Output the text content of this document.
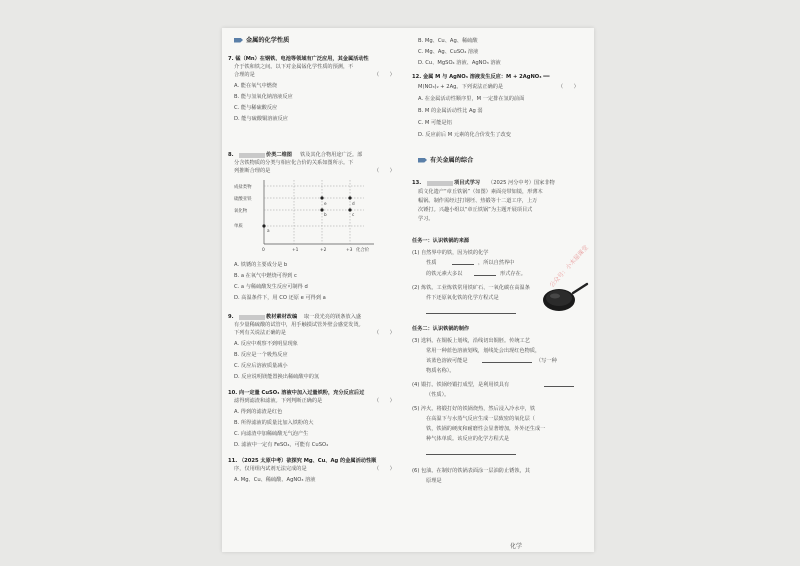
金属的化学性质
7. 锰（Mn）在钢铁、电池等领域有广泛应用，其金属活动性
介于铁和铁之间。以下对金属锰化学性质的预测，不
合理的是	（　　）
A. 能在氧气中燃烧
B. 能与氢氧化钠溶液反应
C. 能与稀硫酸反应
D. 能与硫酸铜溶液反应
8.	价类二维图 铁及其化合物用途广泛。部
分含铁物质的分类与相应化合价的关系如图所示。下
列推断合理的是	（　　）
成盐类物
硫酸亚铁
氧化物
单质
0	+1	+2	+3 化合价
a
b	c
d
e
A. 铁锈的主要成分是 b
B. a 在氧气中燃烧可得到 c
C. a 与稀硫酸发生反应可制得 d
D. 高温条件下，用 CO 还原 e 可得到 a
9.	教材素材改编 取一段光亮的镁条放入盛
有少量稀硫酸的试管中，用手触摸试管外壁会感觉发烫。
下列有关说法正确的是	（　　）
A. 反应中观察不到明显现象
B. 反应是一个吸热反应
C. 反应后溶液质量减小
D. 反应说明镁能置换出稀硫酸中的氢
10. 向一定量 CuSO₄ 溶液中加入过量铁粉，充分反应后过
滤得到滤渣和滤液。下列判断正确的是	（　　）
A. 得到的滤渣是红色
B. 所得滤液的质量比加入铁粉的大
C. 向滤渣中加稀硫酸无气泡产生
D. 滤液中一定有 FeSO₄，可能有 CuSO₄
11. （2025 太原中考）欲探究 Mg、Cu、Ag 的金属活动性顺
序，仅用组内试剂无法完成的是	（　　）
A. Mg、Cu、稀硫酸、AgNO₃ 溶液
B. Mg、Cu、Ag、稀硫酸
C. Mg、Ag、CuSO₄ 溶液
D. Cu、MgSO₄ 溶液、AgNO₃ 溶液
12. 金属 M 与 AgNO₃ 溶液发生反应：M + 2AgNO₃ ══
M(NO₃)₂ + 2Ag。下列说法正确的是	（　　）
A. 在金属活动性顺序里，M 一定排在氢的前面
B. M 的金属活动性比 Ag 弱
C. M 可能是铝
D. 反应前后 M 元素的化合价发生了改变
有关金属的综合
13.	项目式学习 （2025 河分中考）国家非物
质文化遗产“章丘铁锅”（如图）素面亮带如镜，形薄木
幅锅。制作需经过打钢坯、热锻等十二道工序，上万
次锤打。兴趣小组以“章丘铁锅”为主题开展项目式
学习。
任务一：认识铁锅的来源
(1) 自然界中的铁，因为铁的化学
性质	，所以自然界中
的铁元素大多以	形式存在。
(2) 炼铁。工业炼铁常用铁矿石、一氧化碳在高温条
件下还原氧化铁的化学方程式是
任务二：认识铁锅的制作
(3) 选料。在铜板上划线，沿线切出铜胚。传统工艺
常用一种蓝色溶液划线，划线处会出现红色物质，
该蓝色溶液可能是	（写一种
物质名称）。
(4) 锻打。铁锅经锻打成型，是利用铁具有
（性质）。
(5) 淬火。将锻打好的铁锅烧热，然后浸入冷水中，铁
在高温下与水蒸气反应生成一层致密的氧化层（
铁，铁锅的硬度和耐磨性会显著增加，外外还生成一
种气体单质。该反应的化学方程式是
(6) 包油。在制好的铁锅表面涂一层油防止锈蚀，其
原理是
公众号：小木屋课堂
化学
